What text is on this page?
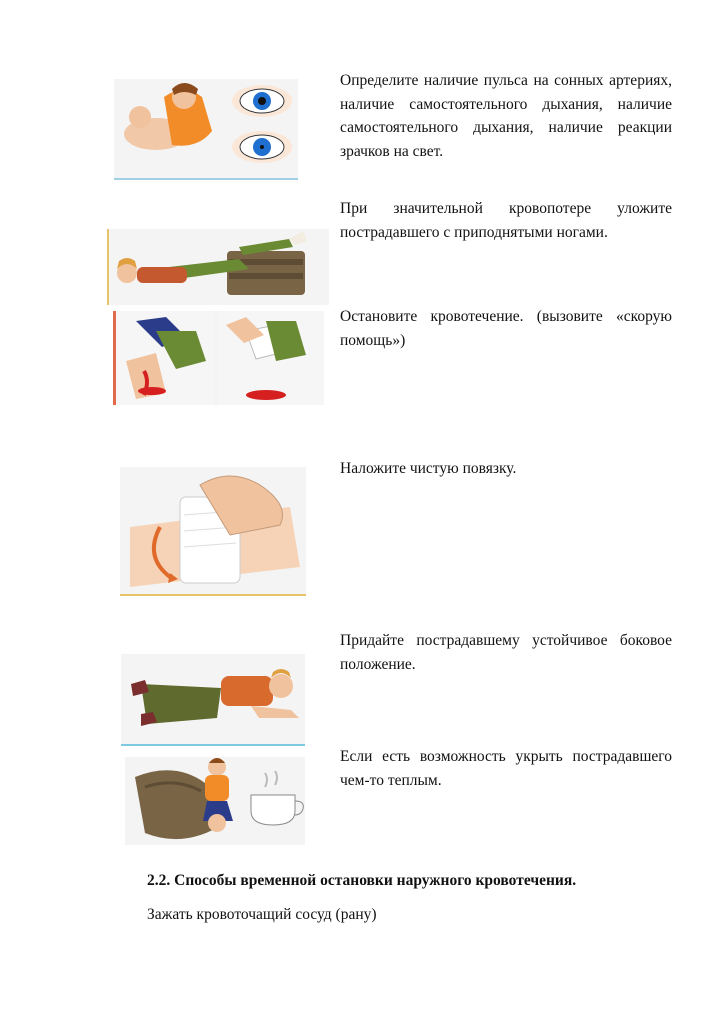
Определите наличие пульса на сонных артериях, наличие самостоятельного дыхания, наличие самостоятельного дыхания, наличие реакции зрачков на свет.
При значительной кровопотере уложите пострадавшего с приподнятыми ногами.
Остановите кровотечение. (вызовите «скорую помощь»)
Наложите чистую повязку.
Придайте пострадавшему устойчивое боковое положение.
Если есть возможность укрыть пострадавшего чем-то теплым.
2.2. Способы временной остановки наружного кровотечения.
Зажать кровоточащий сосуд (рану)
